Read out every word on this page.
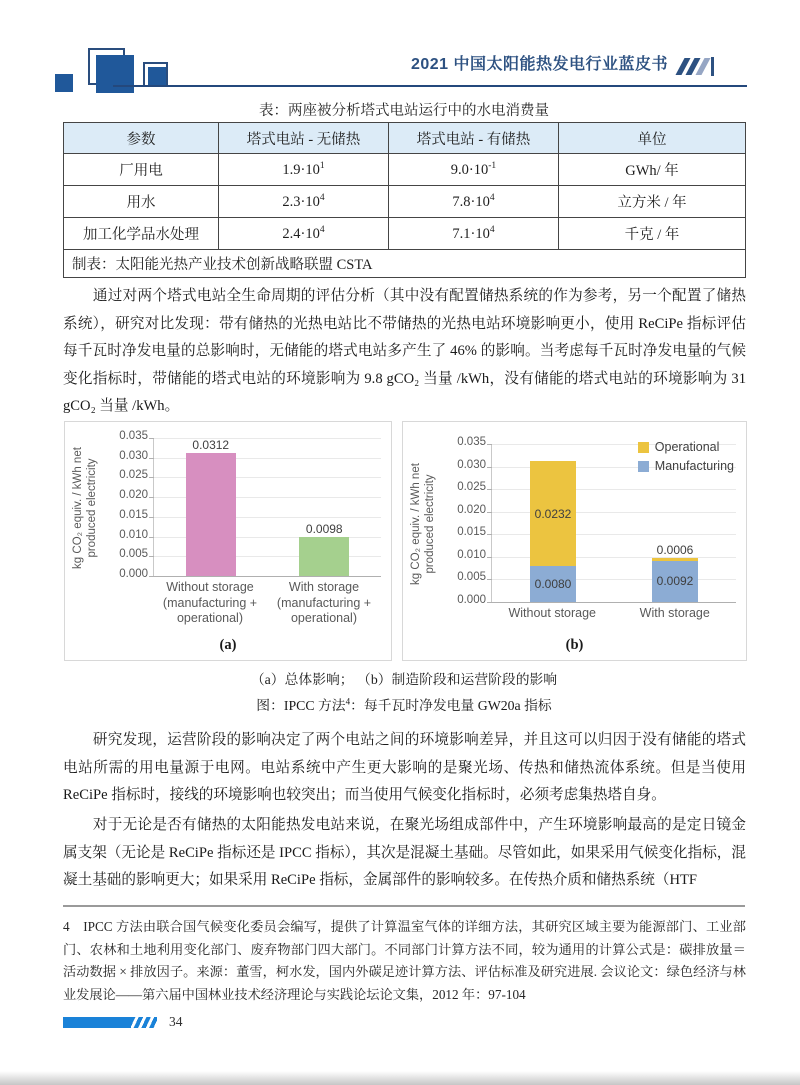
2021 中国太阳能热发电行业蓝皮书
表：两座被分析塔式电站运行中的水电消费量
参数	塔式电站 - 无储热	塔式电站 - 有储热	单位
厂用电	$1.9\cdot 10^1$	$9.0\cdot 10^{-1}$	GWh/ 年
用水	$2.3\cdot 10^4$	$7.8\cdot 10^4$	立方米 / 年
加工化学品水处理	$2.4\cdot 10^4$	$7.1\cdot 10^4$	千克 / 年
制表：太阳能光热产业技术创新战略联盟 CSTA			

通过对两个塔式电站全生命周期的评估分析（其中没有配置储热系统的作为参考，另一个配置了储热系统），研究对比发现：带有储热的光热电站比不带储热的光热电站环境影响更小，使用 ReCiPe 指标评估每千瓦时净发电量的总影响时，无储能的塔式电站多产生了 46% 的影响。当考虑每千瓦时净发电量的气候变化指标时，带储能的塔式电站的环境影响为 9.8 gCO₂ 当量 /kWh，没有储能的塔式电站的环境影响为 31 gCO₂ 当量 /kWh。

kg CO₂ equiv. / kWh net produced electricity
0.035
0.030
0.025
0.020
0.015
0.010
0.005
0.000
0.0312
0.0098
Without storage (manufacturing + operational)
With storage (manufacturing + operational)
(a)
kg CO₂ equiv. / kWh net produced electricity
0.035
0.030
0.025
0.020
0.015
0.010
0.005
0.000
0.0232
0.0080
0.0006
0.0092
Operational
Manufacturing
Without storage	With storage
(b)
（a）总体影响； （b）制造阶段和运营阶段的影响
图：IPCC 方法$^4$：每千瓦时净发电量 GW20a 指标

研究发现，运营阶段的影响决定了两个电站之间的环境影响差异，并且这可以归因于没有储能的塔式电站所需的用电量源于电网。电站系统中产生更大影响的是聚光场、传热和储热流体系统。但是当使用 ReCiPe 指标时，接线的环境影响也较突出；而当使用气候变化指标时，必须考虑集热塔自身。

对于无论是否有储热的太阳能热发电站来说，在聚光场组成部件中，产生环境影响最高的是定日镜金属支架（无论是 ReCiPe 指标还是 IPCC 指标），其次是混凝土基础。尽管如此，如果采用气候变化指标，混凝土基础的影响更大；如果采用 ReCiPe 指标，金属部件的影响较多。在传热介质和储热系统（HTF

4　IPCC 方法由联合国气候变化委员会编写，提供了计算温室气体的详细方法，其研究区域主要为能源部门、工业部门、农林和土地利用变化部门、废弃物部门四大部门。不同部门计算方法不同，较为通用的计算公式是：碳排放量＝活动数据 × 排放因子。来源：董雪，柯水发，国内外碳足迹计算方法、评估标准及研究进展. 会议论文：绿色经济与林业发展论——第六届中国林业技术经济理论与实践论坛论文集，2012 年：97-104
34
